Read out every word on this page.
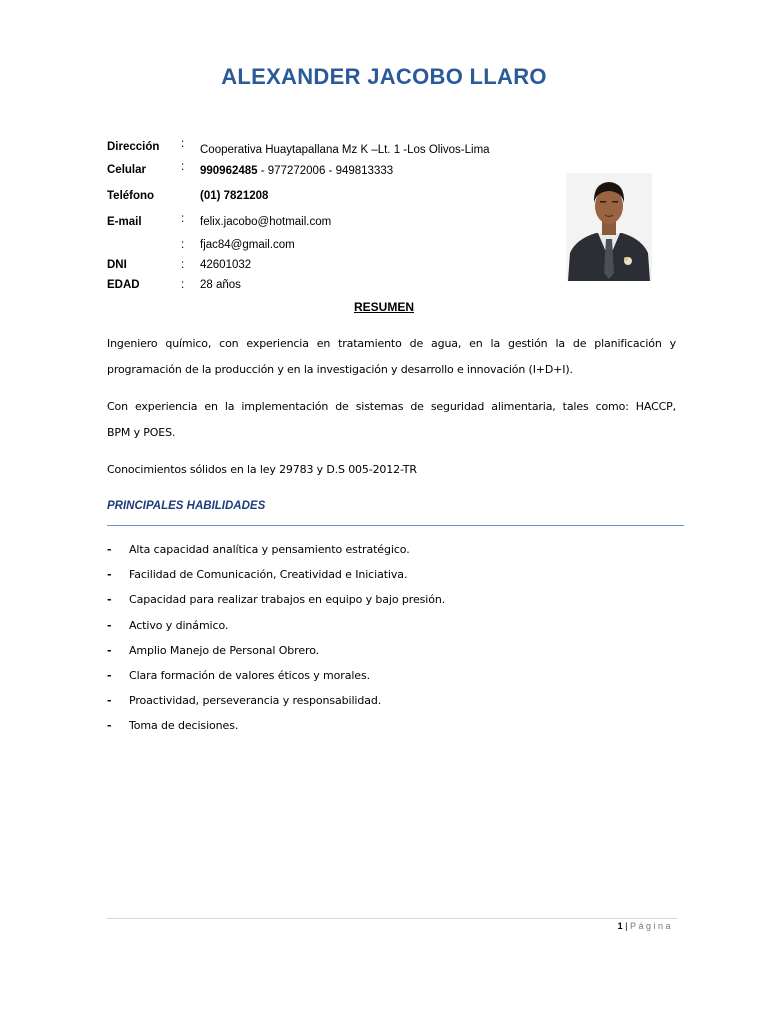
ALEXANDER JACOBO LLARO
Dirección	: Cooperativa Huaytapallana Mz K –Lt. 1 -Los Olivos-Lima
Celular	: 990962485 - 977272006 - 949813333
Teléfono	(01) 7821208
E-mail	: felix.jacobo@hotmail.com
: fjac84@gmail.com
DNI	: 42601032
EDAD	: 28 años
RESUMEN
Ingeniero químico, con experiencia en tratamiento de agua, en la gestión la de planificación y
programación de la producción y en la investigación y desarrollo e innovación (I+D+I).
Con experiencia en la implementación de sistemas de seguridad alimentaria, tales como: HACCP,
BPM y POES.
Conocimientos sólidos en la ley 29783 y D.S 005-2012-TR
PRINCIPALES HABILIDADES
- Alta capacidad analítica y pensamiento estratégico.
- Facilidad de Comunicación, Creatividad e Iniciativa.
- Capacidad para realizar trabajos en equipo y bajo presión.
- Activo y dinámico.
- Amplio Manejo de Personal Obrero.
- Clara formación de valores éticos y morales.
- Proactividad, perseverancia y responsabilidad.
- Toma de decisiones.
1 | Página
